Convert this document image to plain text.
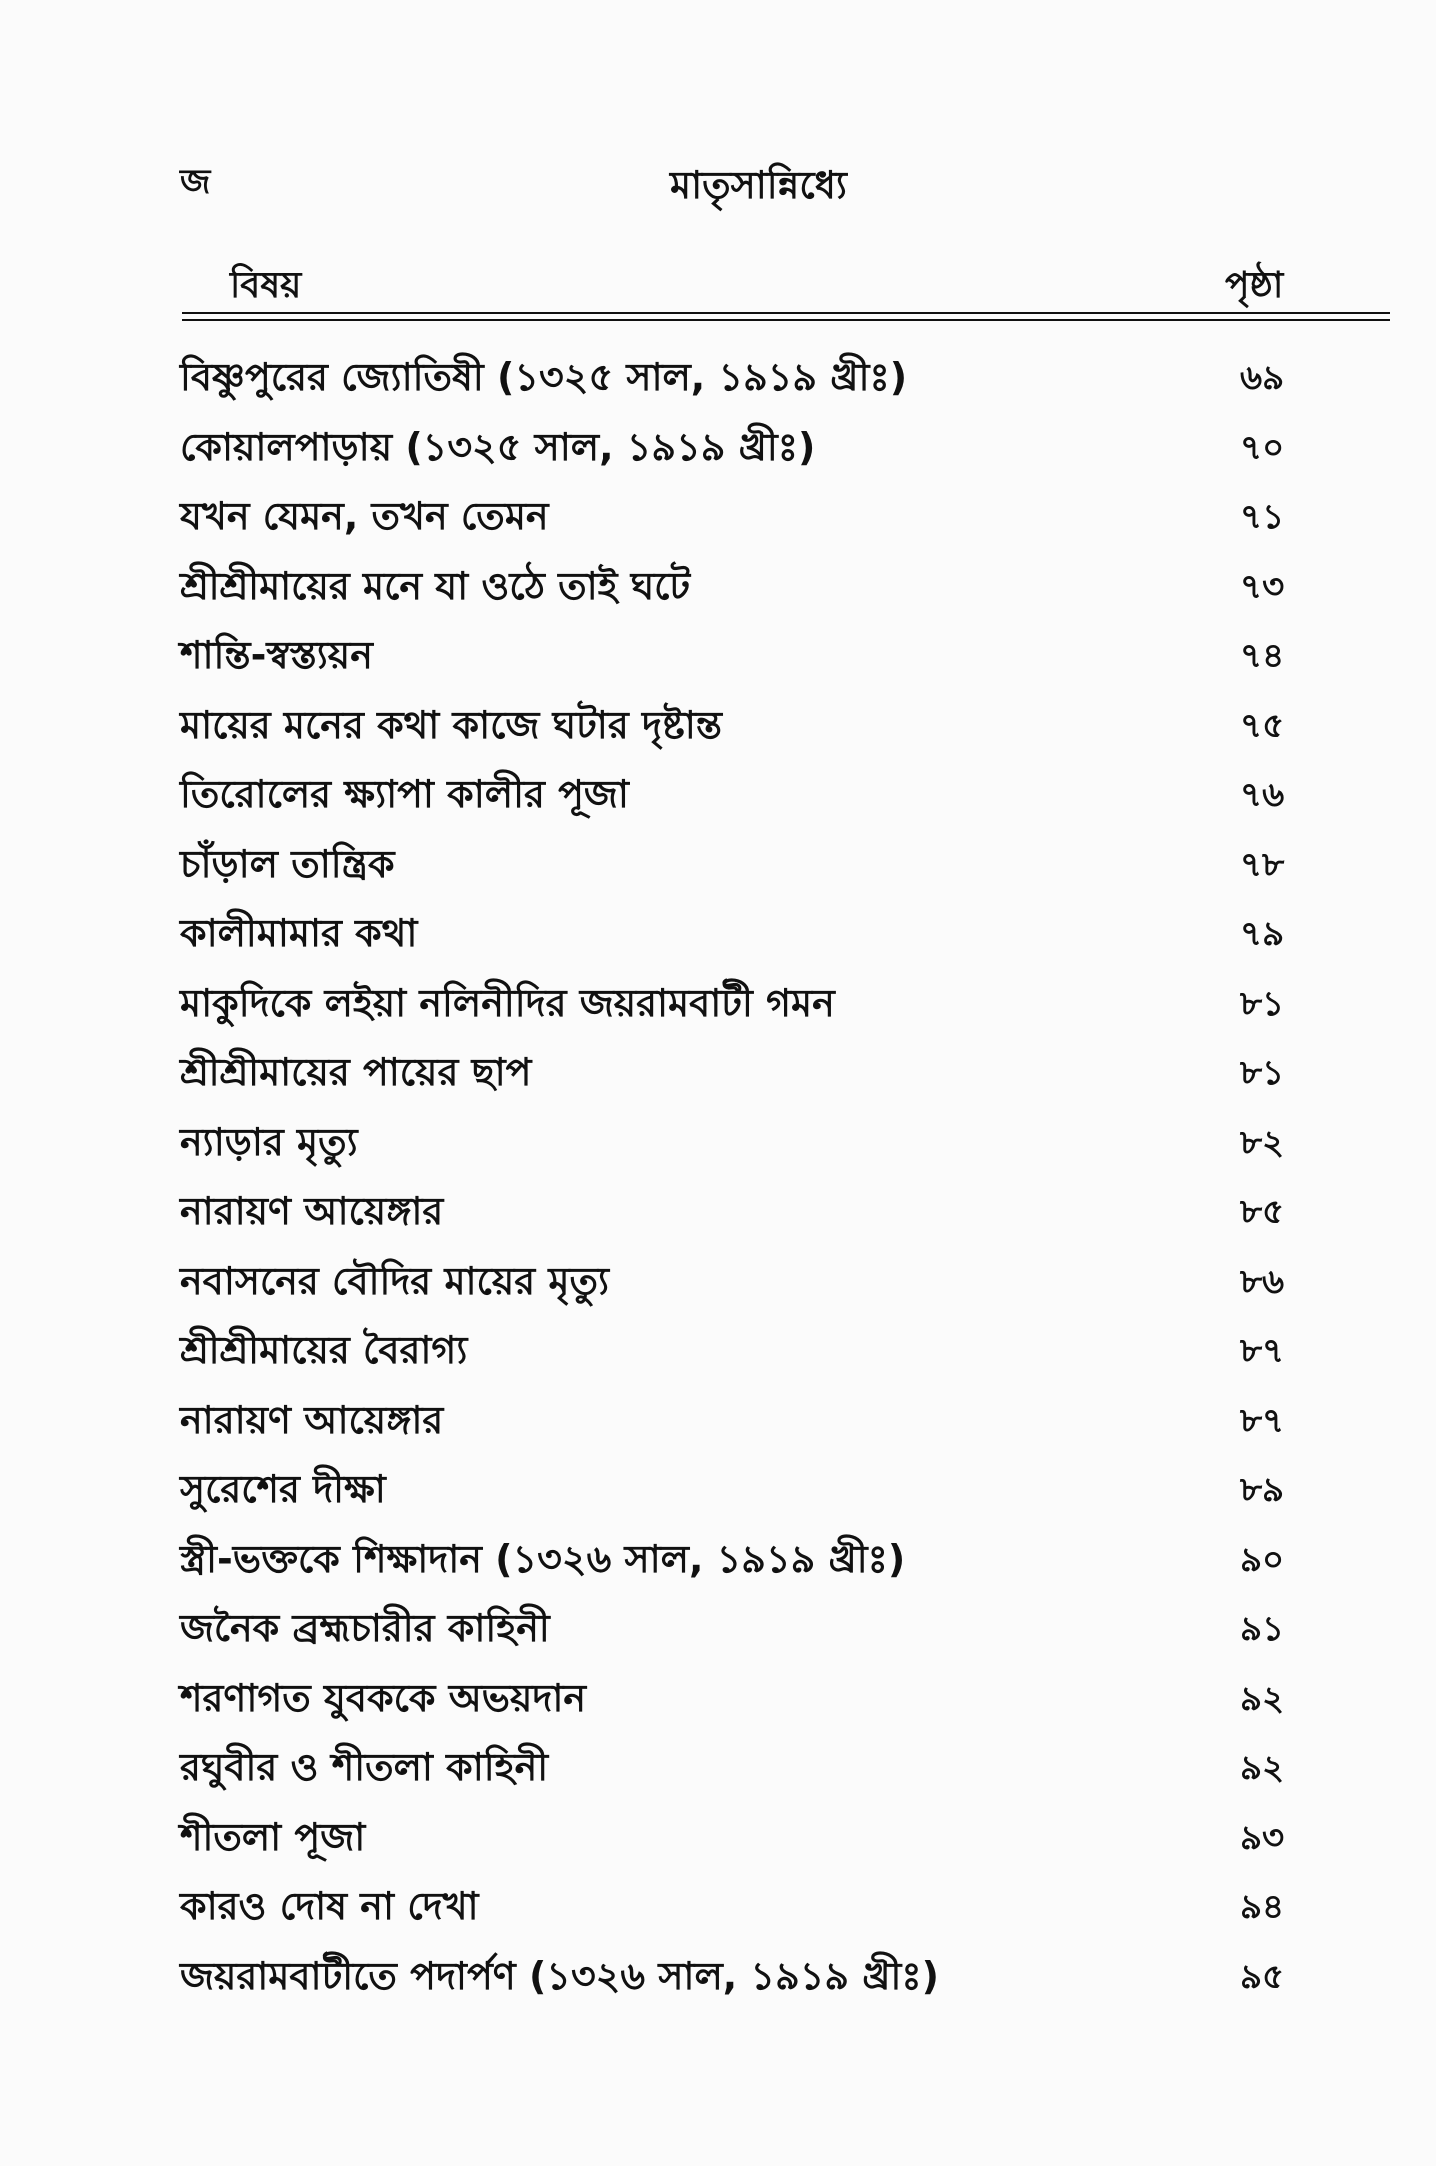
জ	মাতৃসান্নিধ্যে
বিষয়	পৃষ্ঠা
বিষ্ণুপুরের জ্যোতিষী (১৩২৫ সাল, ১৯১৯ খ্রীঃ)	৬৯
কোয়ালপাড়ায় (১৩২৫ সাল, ১৯১৯ খ্রীঃ)	৭০
যখন যেমন, তখন তেমন	৭১
শ্রীশ্রীমায়ের মনে যা ওঠে তাই ঘটে	৭৩
শান্তি-স্বস্ত্যয়ন	৭৪
মায়ের মনের কথা কাজে ঘটার দৃষ্টান্ত	৭৫
তিরোলের ক্ষ্যাপা কালীর পূজা	৭৬
চাঁড়াল তান্ত্রিক	৭৮
কালীমামার কথা	৭৯
মাকুদিকে লইয়া নলিনীদির জয়রামবাটী গমন	৮১
শ্রীশ্রীমায়ের পায়ের ছাপ	৮১
ন্যাড়ার মৃত্যু	৮২
নারায়ণ আয়েঙ্গার	৮৫
নবাসনের বৌদির মায়ের মৃত্যু	৮৬
শ্রীশ্রীমায়ের বৈরাগ্য	৮৭
নারায়ণ আয়েঙ্গার	৮৭
সুরেশের দীক্ষা	৮৯
স্ত্রী-ভক্তকে শিক্ষাদান (১৩২৬ সাল, ১৯১৯ খ্রীঃ)	৯০
জনৈক ব্রহ্মচারীর কাহিনী	৯১
শরণাগত যুবককে অভয়দান	৯২
রঘুবীর ও শীতলা কাহিনী	৯২
শীতলা পূজা	৯৩
কারও দোষ না দেখা	৯৪
জয়রামবাটীতে পদার্পণ (১৩২৬ সাল, ১৯১৯ খ্রীঃ)	৯৫
